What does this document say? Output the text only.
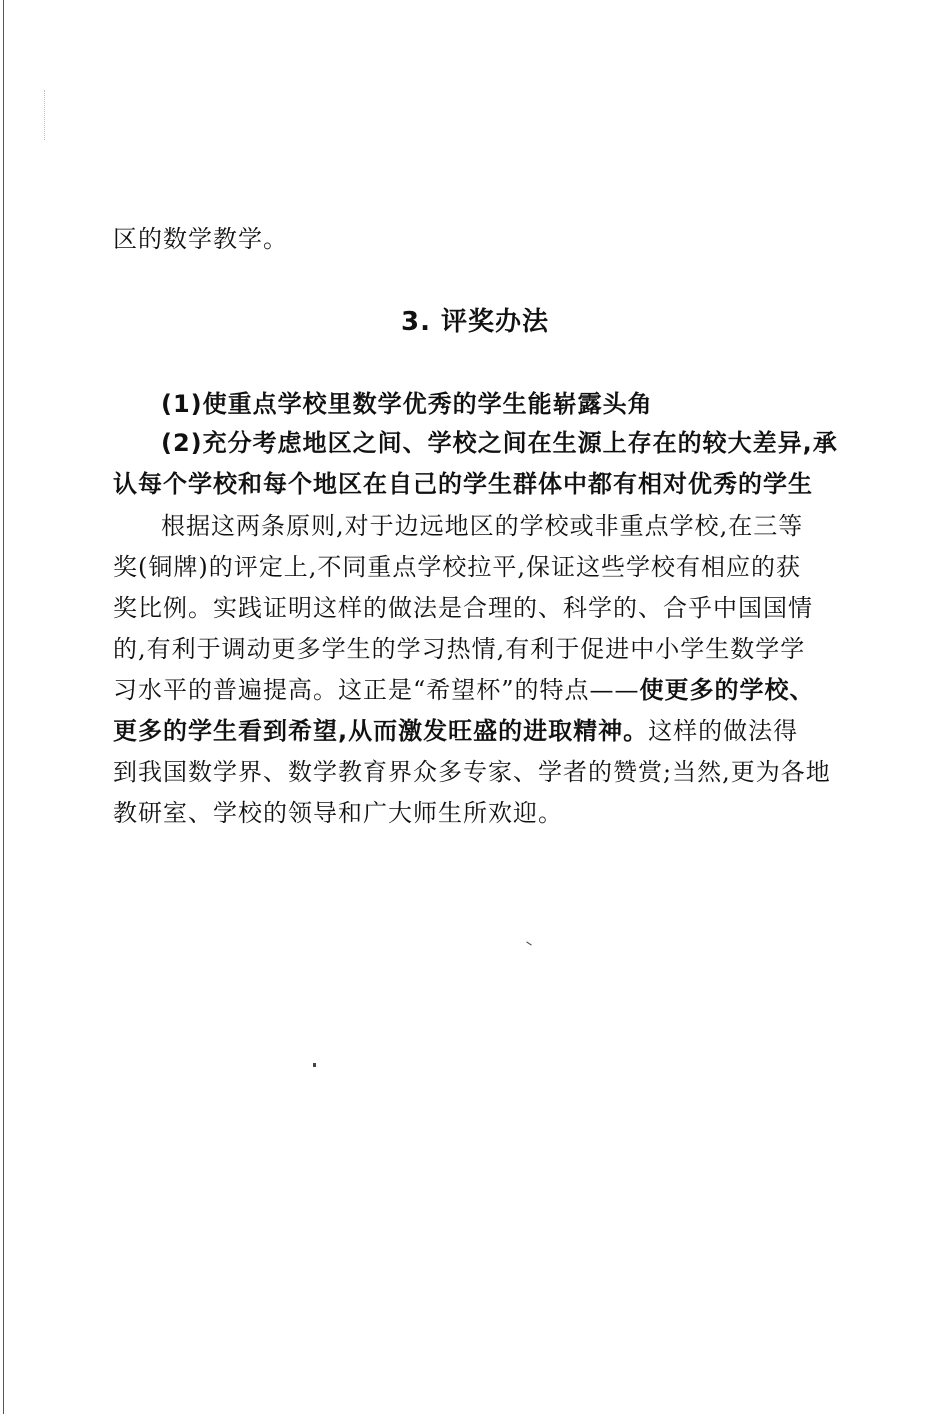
区的数学教学。
3. 评奖办法
(1)使重点学校里数学优秀的学生能崭露头角
(2)充分考虑地区之间、学校之间在生源上存在的较大差异,承
认每个学校和每个地区在自己的学生群体中都有相对优秀的学生
根据这两条原则,对于边远地区的学校或非重点学校,在三等
奖(铜牌)的评定上,不同重点学校拉平,保证这些学校有相应的获
奖比例。实践证明这样的做法是合理的、科学的、合乎中国国情
的,有利于调动更多学生的学习热情,有利于促进中小学生数学学
习水平的普遍提高。这正是“希望杯”的特点——使更多的学校、
更多的学生看到希望,从而激发旺盛的进取精神。这样的做法得
到我国数学界、数学教育界众多专家、学者的赞赏;当然,更为各地
教研室、学校的领导和广大师生所欢迎。
